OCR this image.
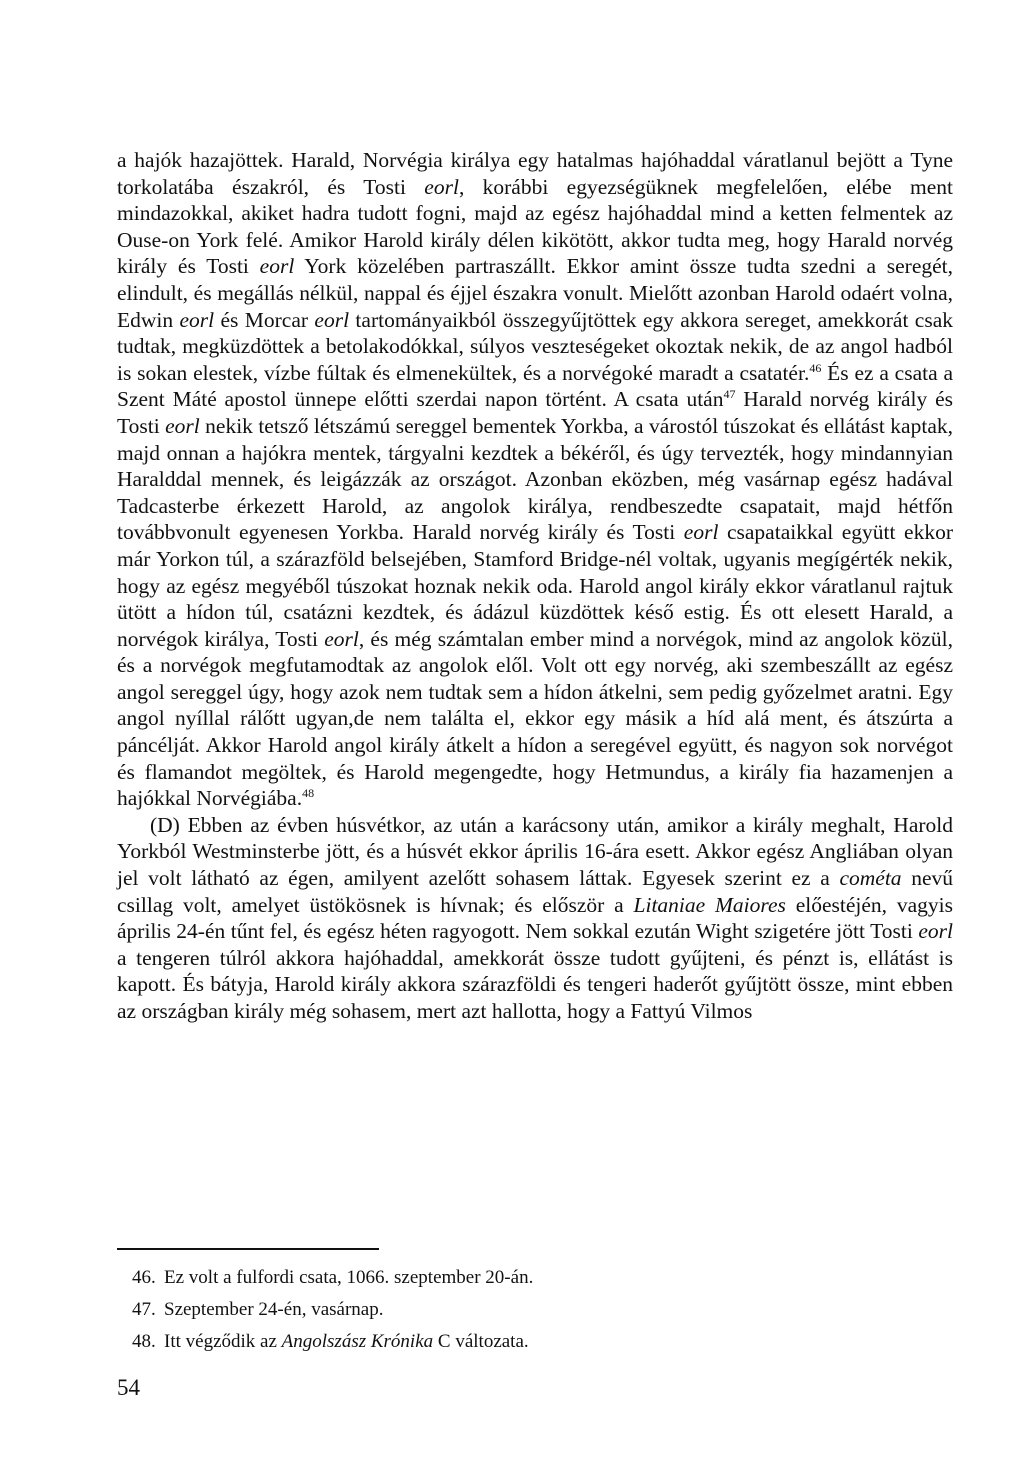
a hajók hazajöttek. Harald, Norvégia királya egy hatalmas hajóhaddal váratlanul bejött a Tyne torkolatába északról, és Tosti eorl, korábbi egyezségüknek megfelelően, elébe ment mindazokkal, akiket hadra tudott fogni, majd az egész hajóhaddal mind a ketten felmentek az Ouse-on York felé. Amikor Harold király délen kikötött, akkor tudta meg, hogy Harald norvég király és Tosti eorl York közelében partraszállt. Ekkor amint össze tudta szedni a seregét, elindult, és megállás nélkül, nappal és éjjel északra vonult. Mielőtt azonban Harold odaért volna, Edwin eorl és Morcar eorl tartományaikból összegyűjtöttek egy akkora sereget, amekkorát csak tudtak, megküzdöttek a betolakodókkal, súlyos veszteségeket okoztak nekik, de az angol hadból is sokan elestek, vízbe fúltak és elmenekültek, és a norvégoké maradt a csatatér.$^{46}$ És ez a csata a Szent Máté apostol ünnepe előtti szerdai napon történt. A csata után$^{47}$ Harald norvég király és Tosti eorl nekik tetsző létszámú sereggel bementek Yorkba, a várostól túszokat és ellátást kaptak, majd onnan a hajókra mentek, tárgyalni kezdtek a békéről, és úgy tervezték, hogy mindannyian Haralddal mennek, és leigázzák az országot. Azonban eközben, még vasárnap egész hadával Tadcasterbe érkezett Harold, az angolok királya, rendbeszedte csapatait, majd hétfőn továbbvonult egyenesen Yorkba. Harald norvég király és Tosti eorl csapataikkal együtt ekkor már Yorkon túl, a szárazföld belsejében, Stamford Bridge-nél voltak, ugyanis megígérték nekik, hogy az egész megyéből túszokat hoznak nekik oda. Harold angol király ekkor váratlanul rajtuk ütött a hídon túl, csatázni kezdtek, és ádázul küzdöttek késő estig. És ott elesett Harald, a norvégok királya, Tosti eorl, és még számtalan ember mind a norvégok, mind az angolok közül, és a norvégok megfutamodtak az angolok elől. Volt ott egy norvég, aki szembeszállt az egész angol sereggel úgy, hogy azok nem tudtak sem a hídon átkelni, sem pedig győzelmet aratni. Egy angol nyíllal rálőtt ugyan,de nem találta el, ekkor egy másik a híd alá ment, és átszúrta a páncélját. Akkor Harold angol király átkelt a hídon a seregével együtt, és nagyon sok norvégot és flamandot megöltek, és Harold megengedte, hogy Hetmundus, a király fia hazamenjen a hajókkal Norvégiába.$^{48}$

(D) Ebben az évben húsvétkor, az után a karácsony után, amikor a király meghalt, Harold Yorkból Westminsterbe jött, és a húsvét ekkor április 16-ára esett. Akkor egész Angliában olyan jel volt látható az égen, amilyent azelőtt sohasem láttak. Egyesek szerint ez a cométa nevű csillag volt, amelyet üstökösnek is hívnak; és először a Litaniae Maiores előestéjén, vagyis április 24-én tűnt fel, és egész héten ragyogott. Nem sokkal ezután Wight szigetére jött Tosti eorl a tengeren túlról akkora hajóhaddal, amekkorát össze tudott gyűjteni, és pénzt is, ellátást is kapott. És bátyja, Harold király akkora szárazföldi és tengeri haderőt gyűjtött össze, mint ebben az országban király még sohasem, mert azt hallotta, hogy a Fattyú Vilmos

46. Ez volt a fulfordi csata, 1066. szeptember 20-án.
47. Szeptember 24-én, vasárnap.
48. Itt végződik az Angolszász Krónika C változata.
54
